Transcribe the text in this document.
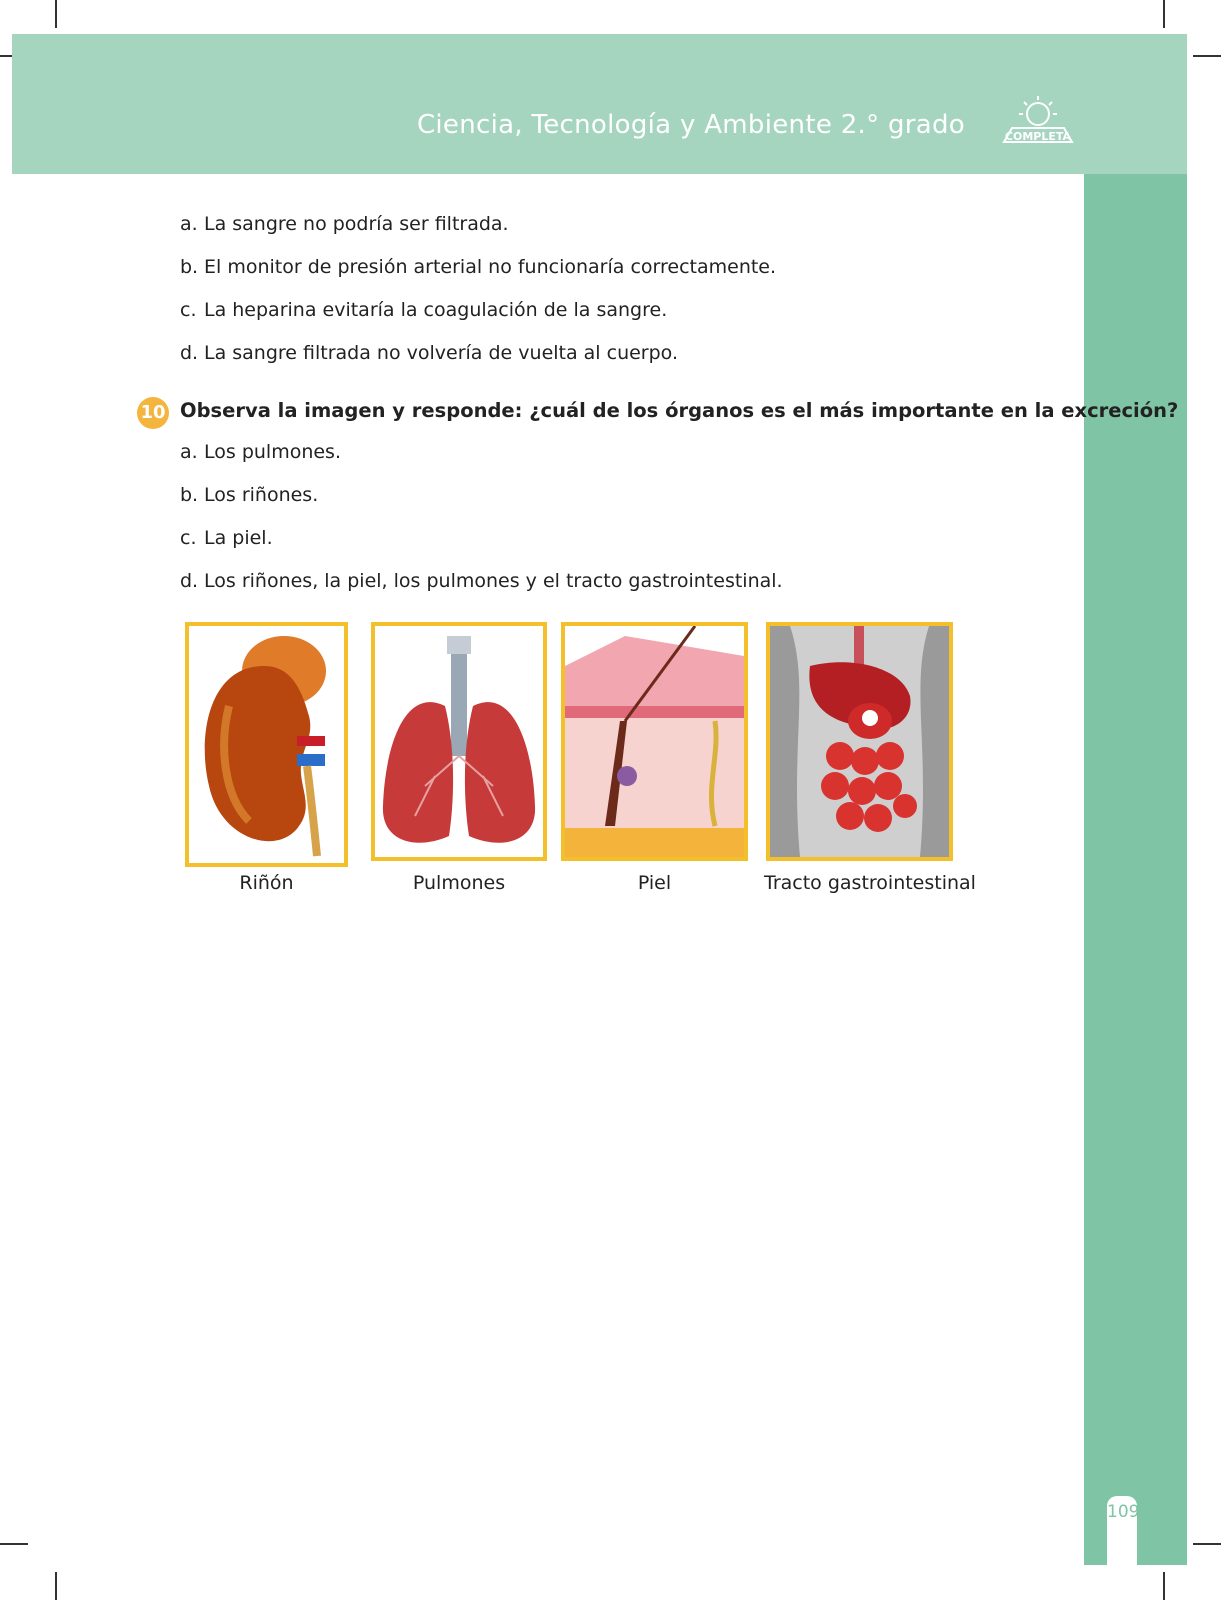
Ciencia, Tecnología y Ambiente 2.° grado	COMPLETA
109
a. La sangre no podría ser filtrada.
b. El monitor de presión arterial no funcionaría correctamente.
c. La heparina evitaría la coagulación de la sangre.
d. La sangre filtrada no volvería de vuelta al cuerpo.
10 Observa la imagen y responde: ¿cuál de los órganos es el más importante en la excreción?
a. Los pulmones.
b. Los riñones.
c. La piel.
d. Los riñones, la piel, los pulmones y el tracto gastrointestinal.
Riñón	Pulmones	Piel	Tracto gastrointestinal
